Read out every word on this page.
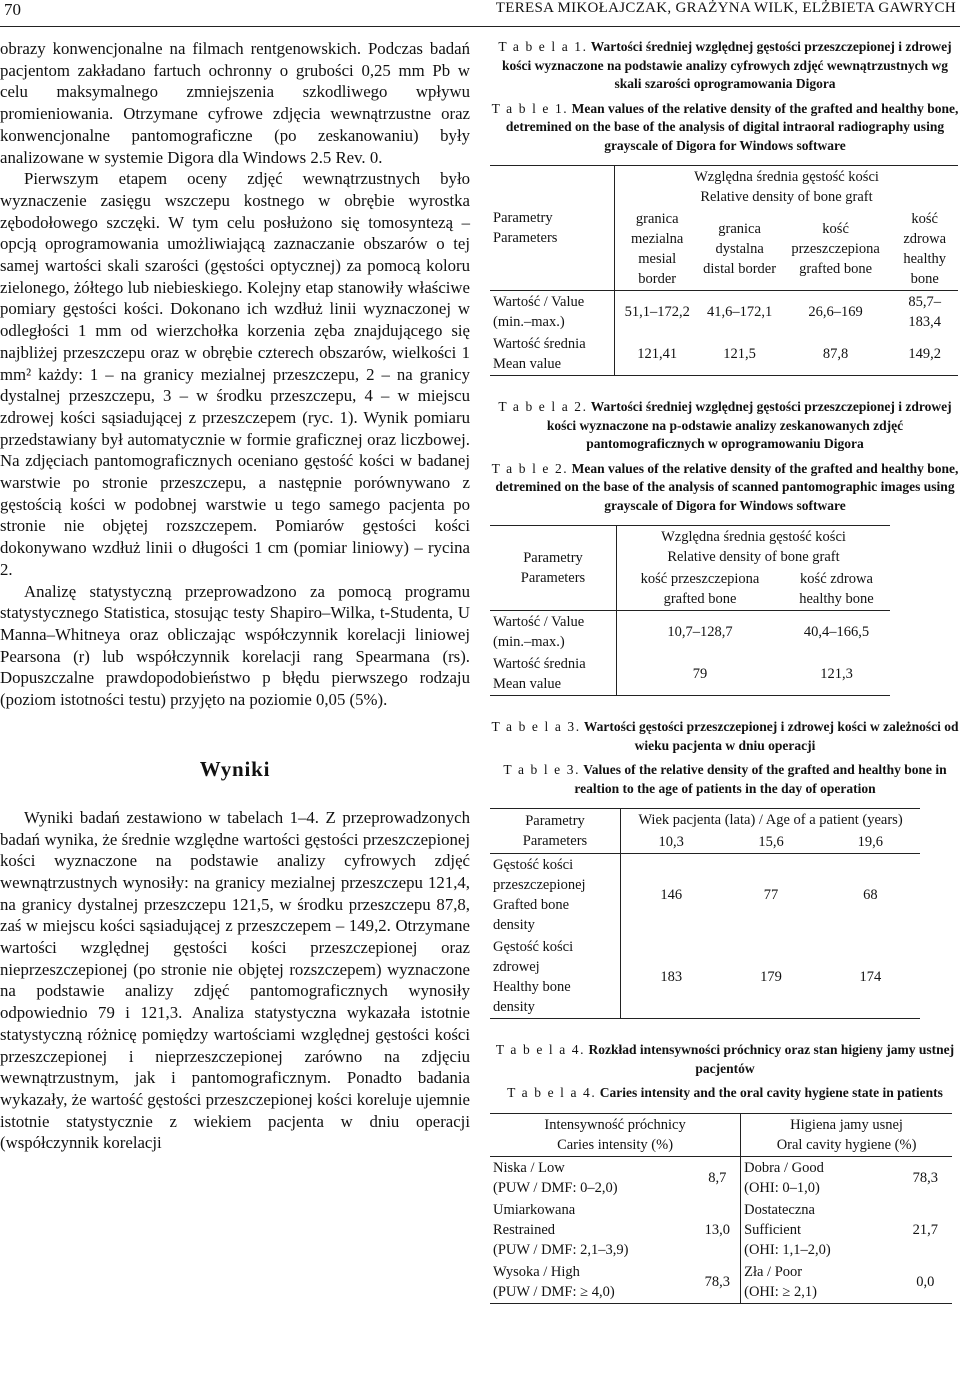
70	TERESA MIKOŁAJCZAK, GRAŻYNA WILK, ELŻBIETA GAWRYCH

obrazy konwencjonalne na filmach rentgenowskich. Podczas badań pacjentom zakładano fartuch ochronny o grubości 0,25 mm Pb w celu maksymalnego zmniejszenia szkodliwego wpływu promieniowania. Otrzymane cyfrowe zdjęcia wewnątrzustne oraz konwencjonalne pantomograficzne (po zeskanowaniu) były analizowane w systemie Digora dla Windows 2.5 Rev. 0.

Pierwszym etapem oceny zdjęć wewnątrzustnych było wyznaczenie zasięgu wszczepu kostnego w obrębie wyrostka zębodołowego szczęki. W tym celu posłużono się tomosyntezą – opcją oprogramowania umożliwiającą zaznaczanie obszarów o tej samej wartości skali szarości (gęstości optycznej) za pomocą koloru zielonego, żółtego lub niebieskiego. Kolejny etap stanowiły właściwe pomiary gęstości kości. Dokonano ich wzdłuż linii wyznaczonej w odległości 1 mm od wierzchołka korzenia zęba znajdującego się najbliżej przeszczepu oraz w obrębie czterech obszarów, wielkości 1 mm² każdy: 1 – na granicy mezialnej przeszczepu, 2 – na granicy dystalnej przeszczepu, 3 – w środku przeszczepu, 4 – w miejscu zdrowej kości sąsiadującej z przeszczepem (ryc. 1). Wynik pomiaru przedstawiany był automatycznie w formie graficznej oraz liczbowej. Na zdjęciach pantomograficznych oceniano gęstość kości w badanej warstwie po stronie przeszczepu, a następnie porównywano z gęstością kości w podobnej warstwie u tego samego pacjenta po stronie nie objętej rozszczepem. Pomiarów gęstości kości dokonywano wzdłuż linii o długości 1 cm (pomiar liniowy) – rycina 2.

Analizę statystyczną przeprowadzono za pomocą programu statystycznego Statistica, stosując testy Shapiro–Wilka, t-Studenta, U Manna–Whitneya oraz obliczając współczynnik korelacji liniowej Pearsona (r) lub współczynnik korelacji rang Spearmana (rs). Dopuszczalne prawdopodobieństwo p błędu pierwszego rodzaju (poziom istotności testu) przyjęto na poziomie 0,05 (5%).

Wyniki

Wyniki badań zestawiono w tabelach 1–4. Z przeprowadzonych badań wynika, że średnie względne wartości gęstości przeszczepionej kości wyznaczone na podstawie analizy cyfrowych zdjęć wewnątrzustnych wynosiły: na granicy mezialnej przeszczepu 121,4, na granicy dystalnej przeszczepu 121,5, w środku przeszczepu 87,8, zaś w miejscu kości sąsiadującej z przeszczepem – 149,2. Otrzymane wartości względnej gęstości kości przeszczepionej oraz nieprzeszczepionej (po stronie nie objętej rozszczepem) wyznaczone na podstawie analizy zdjęć pantomograficznych wynosiły odpowiednio 79 i 121,3. Analiza statystyczna wykazała istotnie statystyczną różnicę pomiędzy wartościami względnej gęstości kości przeszczepionej i nieprzeszczepionej zarówno na zdjęciu wewnątrzustnym, jak i pantomograficznym. Ponadto badania wykazały, że wartość gęstości przeszczepionej kości koreluje ujemnie istotnie statystycznie z wiekiem pacjenta w dniu operacji (współczynnik korelacji

T a b e l a 1. Wartości średniej względnej gęstości przeszczepionej i zdrowej kości wyznaczone na podstawie analizy cyfrowych zdjęć wewnątrzustnych wg skali szarości oprogramowania Digora

T a b l e 1. Mean values of the relative density of the grafted and healthy bone, detremined on the base of the analysis of digital intraoral radiography using grayscale of Digora for Windows software

Parametry
Parameters	Względna średnia gęstość kości
Relative density of bone graft			
	granica mezialna
mesial border	granica dystalna
distal border	kość przeszczepiona
grafted bone	kość zdrowa
healthy bone

Wartość / Value
(min.–max.)	51,1–172,2	41,6–172,1	26,6–169	85,7–183,4
Wartość średnia
Mean value	121,41	121,5	87,8	149,2

T a b e l a 2. Wartości średniej względnej gęstości przeszczepionej i zdrowej kości wyznaczone na p-odstawie analizy zeskanowanych zdjęć pantomograficznych w oprogramowaniu Digora

T a b l e 2. Mean values of the relative density of the grafted and healthy bone, detremined on the base of the analysis of scanned pantomographic images using grayscale of Digora for Windows software

Parametry
Parameters	Względna średnia gęstość kości
Relative density of bone graft	
	kość przeszczepiona
grafted bone	kość zdrowa
healthy bone
Wartość / Value
(min.–max.)	10,7–128,7	40,4–166,5
Wartość średnia
Mean value	79	121,3

T a b e l a 3. Wartości gęstości przeszczepionej i zdrowej kości w zależności od wieku pacjenta w dniu operacji

T a b l e 3. Values of the relative density of the grafted and healthy bone in realtion to the age of patients in the day of operation

Parametry
Parameters	Wiek pacjenta (lata) / Age of a patient (years)		
	10,3	15,6	19,6
Gęstość kości
przeszczepionej
Grafted bone
density	146	77	68
Gęstość kości
zdrowej
Healthy bone
density	183	179	174

T a b e l a 4. Rozkład intensywności próchnicy oraz stan higieny jamy ustnej pacjentów

T a b e l a 4. Caries intensity and the oral cavity hygiene state in patients

Intensywność próchnicy
Caries intensity (%)		Higiena jamy usnej
Oral cavity hygiene (%)	
Niska / Low
(PUW / DMF: 0–2,0)	8,7	Dobra / Good
(OHI: 0–1,0)	78,3
Umiarkowana
Restrained
(PUW / DMF: 2,1–3,9)	13,0	Dostateczna
Sufficient
(OHI: 1,1–2,0)	21,7
Wysoka / High
(PUW / DMF: ≥ 4,0)	78,3	Zła / Poor
(OHI: ≥ 2,1)	0,0
